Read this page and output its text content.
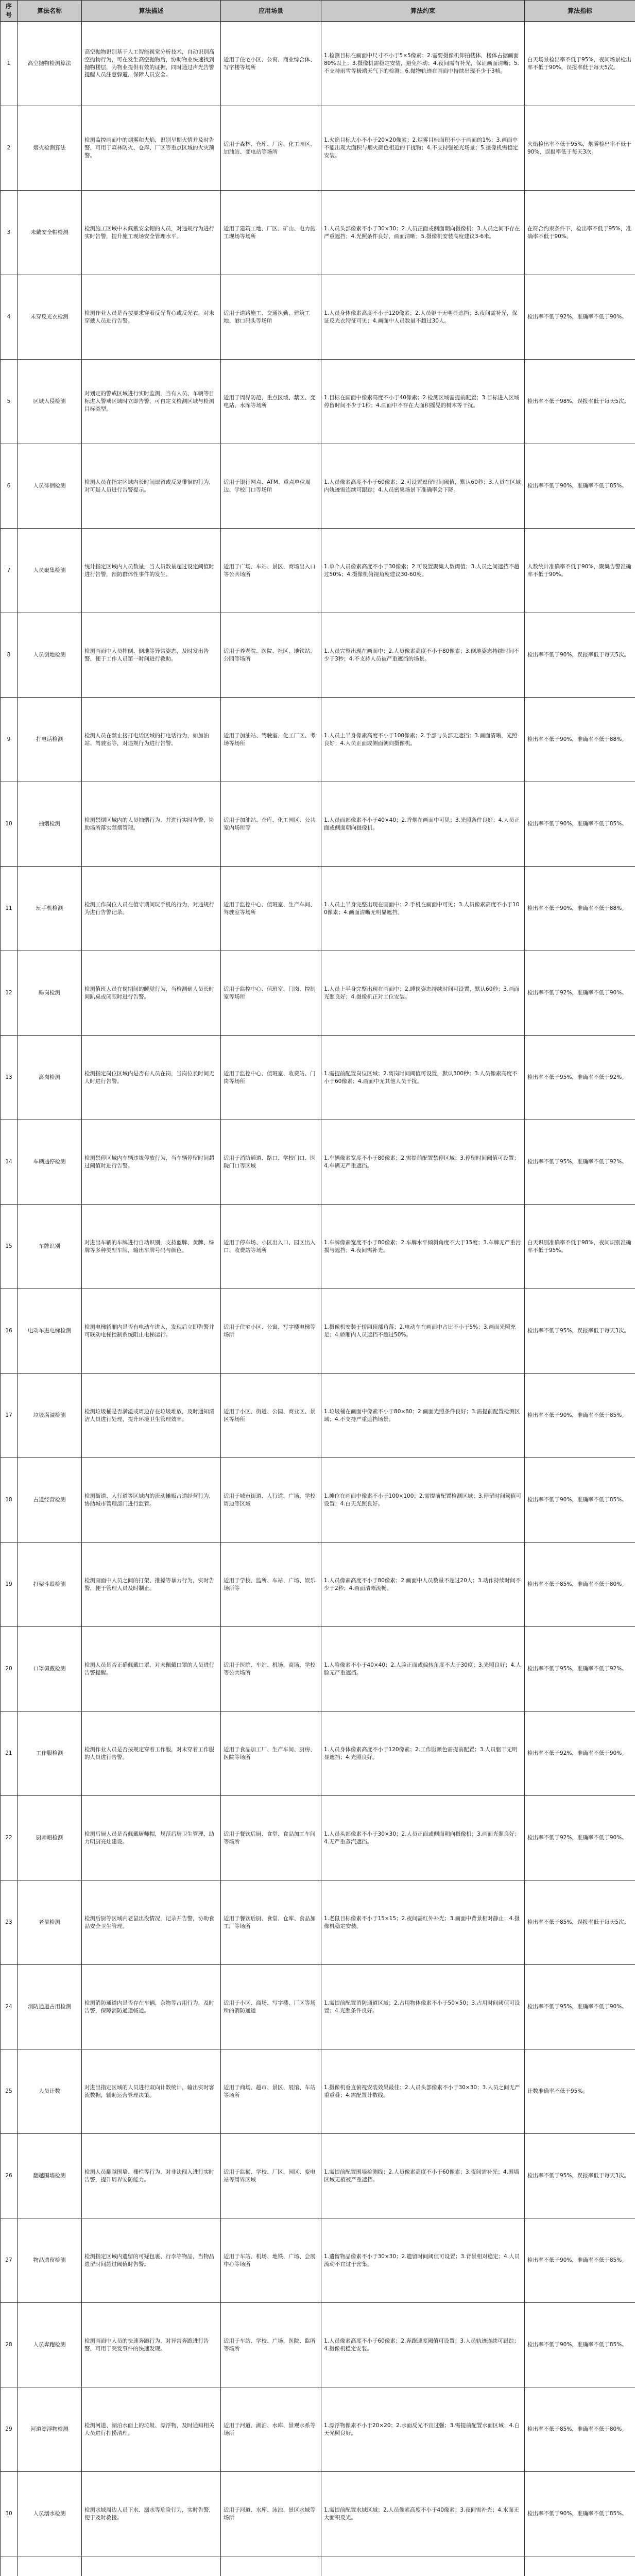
序号	算法名称	算法描述	应用场景	算法约束	算法指标
1	高空抛物检测算法	高空抛物识别基于人工智能视觉分析技术，自动识别高空抛物行为，可在发生高空抛物后，协助物业快速找到抛物楼层，为物业提供有效的证据，同时通过声光告警提醒人员注意躲避，保障人员安全。	适用于住宅小区、公寓、商业综合体、写字楼等场所	1.检测目标在画面中尺寸不小于5×5像素；2.需要摄像机仰拍楼体，楼体占据画面80%以上；3.摄像机需稳定安装，避免抖动；4.夜间需有补光，保证画面清晰；5.不支持雨雪等极端天气下的检测；6.抛物轨迹在画面中持续出现不少于3帧。	白天场景检出率不低于95%，夜间场景检出率不低于90%，误报率低于每天5次。
2	烟火检测算法	检测监控画面中的烟雾和火焰，识别早期火情并及时告警，可用于森林防火、仓库、厂区等重点区域的火灾预警。	适用于森林、仓库、厂房、化工园区、加油站、变电站等场所	1.火焰目标大小不小于20×20像素；2.烟雾目标面积不小于画面的1%；3.画面中不能出现大面积与烟火颜色相近的干扰物；4.不支持强逆光场景；5.摄像机需稳定安装。	火焰检出率不低于95%，烟雾检出率不低于90%，误报率低于每天3次。
3	未戴安全帽检测	检测施工区域中未佩戴安全帽的人员，对违规行为进行实时告警，提升施工现场安全管理水平。	适用于建筑工地、厂区、矿山、电力施工现场等场所	1.人员头部像素不小于30×30；2.人员正面或侧面朝向摄像机；3.人员之间不存在严重遮挡；4.光照条件良好，画面清晰；5.摄像机安装高度建议3-6米。	在符合约束条件下，检出率不低于95%，准确率不低于90%。
4	未穿反光衣检测	检测作业人员是否按要求穿着反光背心或反光衣，对未穿戴人员进行告警。	适用于道路施工、交通执勤、建筑工地、港口码头等场所	1.人员身体像素高度不小于120像素；2.人员躯干无明显遮挡；3.夜间需补光，保证反光衣特征可见；4.画面中人员数量不超过30人。	检出率不低于92%，准确率不低于90%。
5	区域入侵检测	对划定的警戒区域进行实时监测，当有人员、车辆等目标进入警戒区域时立即告警，可自定义检测区域与检测目标类型。	适用于周界防范、重点区域、禁区、变电站、水库等场所	1.目标在画面中像素高度不小于40像素；2.检测区域需提前配置；3.目标进入区域停留时间不少于1秒；4.画面中不存在大面积摇晃的树木等干扰。	检出率不低于98%，误报率低于每天5次。
6	人员徘徊检测	检测人员在指定区域内长时间逗留或反复徘徊的行为，对可疑人员进行告警提示。	适用于银行网点、ATM、重点单位周边、学校门口等场所	1.人员像素高度不小于60像素；2.可设置逗留时间阈值，默认60秒；3.人员在区域内轨迹需连续可跟踪；4.人员密集场景下准确率会下降。	检出率不低于90%，准确率不低于85%。
7	人员聚集检测	统计指定区域内人员数量，当人员数量超过设定阈值时进行告警，预防群体性事件的发生。	适用于广场、车站、景区、商场出入口等公共场所	1.单个人员像素高度不小于30像素；2.可设置聚集人数阈值；3.人员之间遮挡不超过50%；4.摄像机俯视角度建议30-60度。	人数统计准确率不低于90%，聚集告警准确率不低于90%。
8	人员倒地检测	检测画面中人员摔倒、倒地等异常姿态，及时发出告警，便于工作人员第一时间进行救助。	适用于养老院、医院、社区、地铁站、公园等场所	1.人员完整出现在画面中；2.人员像素高度不小于80像素；3.倒地姿态持续时间不少于3秒；4.不支持人员被严重遮挡的场景。	检出率不低于90%，误报率低于每天5次。
9	打电话检测	检测人员在禁止接打电话区域的打电话行为，如加油站、驾驶室等，对违规行为进行告警。	适用于加油站、驾驶室、化工厂区、考场等场所	1.人员上半身像素高度不小于100像素；2.手部与头部无遮挡；3.画面清晰，光照良好；4.人员正面或侧面朝向摄像机。	检出率不低于90%，准确率不低于88%。
10	抽烟检测	检测禁烟区域内的人员抽烟行为，并进行实时告警，协助场所落实禁烟管理。	适用于加油站、仓库、化工园区、公共室内场所等	1.人员面部像素不小于40×40；2.香烟在画面中可见；3.光照条件良好；4.人员正面或侧面朝向摄像机。	检出率不低于90%，准确率不低于85%。
11	玩手机检测	检测工作岗位人员在值守期间玩手机的行为，对违规行为进行告警记录。	适用于监控中心、值班室、生产车间、驾驶室等场所	1.人员上半身完整出现在画面中；2.手机在画面中可见；3.人员像素高度不小于100像素；4.画面清晰无明显遮挡。	检出率不低于90%，准确率不低于88%。
12	睡岗检测	检测值班人员在岗期间的睡觉行为，当检测到人员长时间趴桌或闭眼时进行告警。	适用于监控中心、值班室、门岗、控制室等场所	1.人员上半身完整出现在画面中；2.睡岗姿态持续时间可设置，默认60秒；3.画面光照良好；4.摄像机正对工位安装。	检出率不低于92%，准确率不低于90%。
13	离岗检测	检测指定岗位区域内是否有人员在岗，当岗位长时间无人时进行告警。	适用于监控中心、值班室、收费站、门岗等场所	1.需提前配置岗位区域；2.离岗时间阈值可设置，默认300秒；3.人员像素高度不小于60像素；4.画面中无其他人员干扰。	检出率不低于95%，准确率不低于92%。
14	车辆违停检测	检测禁停区域内车辆违规停放行为，当车辆停留时间超过阈值时进行告警。	适用于消防通道、路口、学校门口、医院门口等区域	1.车辆像素宽度不小于80像素；2.需提前配置禁停区域；3.停留时间阈值可设置；4.车辆无严重遮挡。	检出率不低于95%，准确率不低于92%。
15	车牌识别	对进出车辆的车牌进行自动识别，支持蓝牌、黄牌、绿牌等多种类型车牌，输出车牌号码与颜色。	适用于停车场、小区出入口、园区出入口、收费站等场所	1.车牌像素宽度不小于80像素；2.车牌水平倾斜角度不大于15度；3.车牌无严重污损与遮挡；4.夜间需补光。	白天识别准确率不低于98%，夜间识别准确率不低于95%。
16	电动车进电梯检测	检测电梯轿厢内是否有电动车进入，发现后立即告警并可联动电梯控制系统阻止电梯运行。	适用于住宅小区、公寓、写字楼电梯等场所	1.摄像机安装于轿厢顶部角落；2.电动车在画面中占比不小于5%；3.画面光照充足；4.轿厢内人员遮挡不超过50%。	检出率不低于95%，误报率低于每天3次。
17	垃圾满溢检测	检测垃圾桶是否满溢或周边存在垃圾堆放，及时通知清洁人员进行处理，提升环境卫生管理效率。	适用于小区、街道、公园、商业区、景区等场所	1.垃圾桶在画面中像素不小于80×80；2.画面光照条件良好；3.需提前配置检测区域；4.不支持严重遮挡场景。	检出率不低于90%，准确率不低于85%。
18	占道经营检测	检测街道、人行道等区域内的流动摊贩占道经营行为，协助城市管理部门进行监管。	适用于城市街道、人行道、广场、学校周边等区域	1.摊位在画面中像素不小于100×100；2.需提前配置检测区域；3.停留时间阈值可设置；4.白天光照良好。	检出率不低于90%，准确率不低于85%。
19	打架斗殴检测	检测画面中人员之间的打架、推搡等暴力行为，实时告警，便于管理人员及时制止。	适用于学校、监所、车站、广场、娱乐场所等	1.人员像素高度不小于80像素；2.画面中人员数量不超过20人；3.动作持续时间不少于2秒；4.画面清晰流畅。	检出率不低于85%，准确率不低于80%。
20	口罩佩戴检测	检测人员是否正确佩戴口罩，对未佩戴口罩的人员进行告警提醒。	适用于医院、车站、机场、商场、学校等公共场所	1.人脸像素不小于40×40；2.人脸正面或偏转角度不大于30度；3.光照良好；4.人脸无严重遮挡。	检出率不低于95%，准确率不低于92%。
21	工作服检测	检测作业人员是否按规定穿着工作服，对未穿着工作服的人员进行告警。	适用于食品加工厂、生产车间、厨房、医院等场所	1.人员身体像素高度不小于120像素；2.工作服颜色需提前配置；3.人员躯干无明显遮挡；4.光照良好。	检出率不低于92%，准确率不低于90%。
22	厨师帽检测	检测后厨人员是否佩戴厨师帽，规范后厨卫生管理，助力明厨亮灶建设。	适用于餐饮后厨、食堂、食品加工车间等场所	1.人员头部像素不小于30×30；2.人员正面或侧面朝向摄像机；3.画面光照良好；4.无严重蒸汽遮挡。	检出率不低于92%，准确率不低于90%。
23	老鼠检测	检测后厨等区域内老鼠出没情况，记录并告警，协助食品安全卫生管理。	适用于餐饮后厨、食堂、仓库、食品加工厂等场所	1.老鼠目标像素不小于15×15；2.夜间需红外补光；3.画面中背景相对静止；4.摄像机稳定安装。	检出率不低于85%，误报率低于每天5次。
24	消防通道占用检测	检测消防通道内是否存在车辆、杂物等占用行为，及时告警，保障消防通道畅通。	适用于小区、商场、写字楼、厂区等场所的消防通道	1.需提前配置消防通道区域；2.占用物体像素不小于50×50；3.占用时间阈值可设置；4.光照条件良好。	检出率不低于95%，准确率不低于90%。
25	人员计数	对进出指定区域的人员进行双向计数统计，输出实时客流数据，辅助运营管理决策。	适用于商场、超市、景区、展馆、车站等场所	1.摄像机垂直俯视安装效果最佳；2.人员头部像素不小于30×30；3.人员之间无严重重叠；4.需配置计数线。	计数准确率不低于95%。
26	翻越围墙检测	检测人员翻越围墙、栅栏等行为，对非法闯入进行实时告警，提升周界安防能力。	适用于监狱、学校、厂区、园区、变电站等周界区域	1.需提前配置围墙检测线；2.人员像素高度不小于60像素；3.夜间需补光；4.围墙区域无植被严重遮挡。	检出率不低于95%，误报率低于每天3次。
27	物品遗留检测	检测指定区域内遗留的可疑包裹、行李等物品，当物品遗留时间超过阈值时告警。	适用于车站、机场、地铁、广场、会展中心等场所	1.遗留物品像素不小于30×30；2.遗留时间阈值可设置；3.背景相对稳定；4.人员流动不宜过于密集。	检出率不低于90%，准确率不低于85%。
28	人员奔跑检测	检测画面中人员的快速奔跑行为，对异常奔跑进行告警，可用于突发事件的快速发现。	适用于车站、学校、广场、医院、监所等场所	1.人员像素高度不小于60像素；2.奔跑速度阈值可设置；3.人员轨迹连续可跟踪；4.摄像机稳定安装。	检出率不低于90%，准确率不低于85%。
29	河道漂浮物检测	检测河道、湖泊水面上的垃圾、漂浮物，及时通知相关人员进行打捞清理。	适用于河道、湖泊、水库、景观水系等场所	1.漂浮物像素不小于20×20；2.水面反光不宜过强；3.需提前配置水面区域；4.白天光照良好。	检出率不低于85%，准确率不低于80%。
30	人员溺水检测	检测水域周边人员下水、溺水等危险行为，实时告警，便于及时救援。	适用于河道、水库、泳池、景区水域等场所	1.需提前配置水域区域；2.人员像素高度不小于40像素；3.夜间需补光；4.水面无大面积反光。	检出率不低于90%，准确率不低于85%。
